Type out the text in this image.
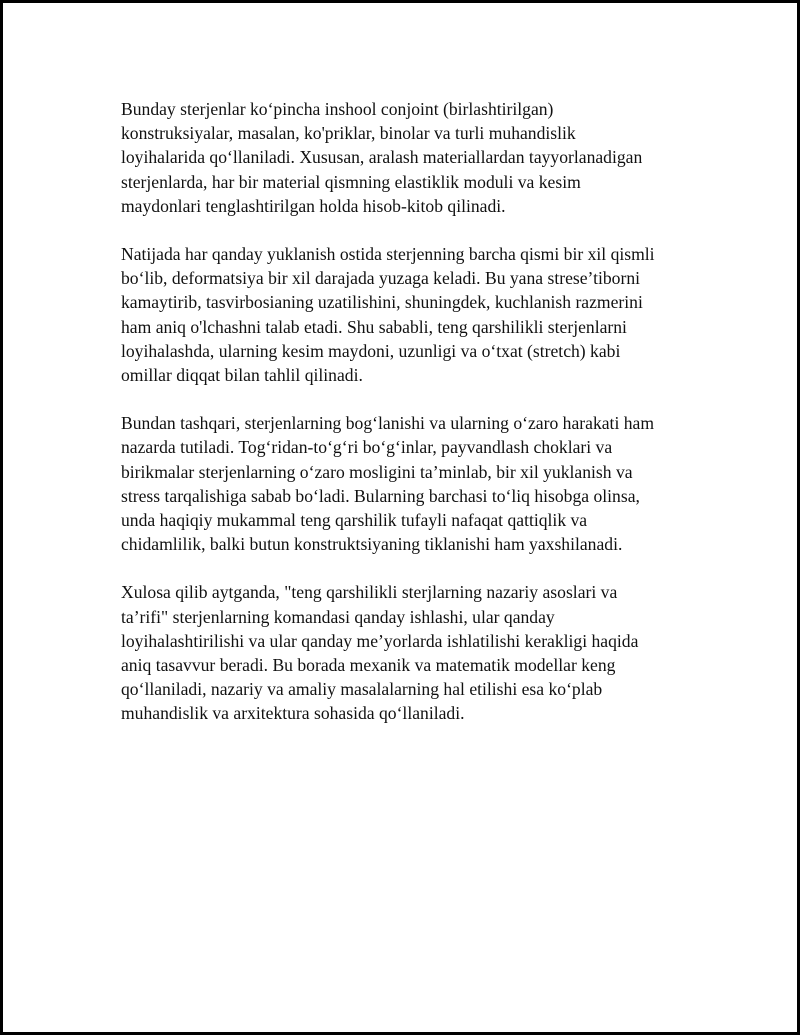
Bunday sterjenlar ko‘pincha inshool conjoint (birlashtirilgan)
konstruksiyalar, masalan, ko'priklar, binolar va turli muhandislik
loyihalarida qo‘llaniladi. Xususan, aralash materiallardan tayyorlanadigan
sterjenlarda, har bir material qismning elastiklik moduli va kesim
maydonlari tenglashtirilgan holda hisob-kitob qilinadi.

Natijada har qanday yuklanish ostida sterjenning barcha qismi bir xil qismli
bo‘lib, deformatsiya bir xil darajada yuzaga keladi. Bu yana strese’tiborni
kamaytirib, tasvirbosianing uzatilishini, shuningdek, kuchlanish razmerini
ham aniq o'lchashni talab etadi. Shu sababli, teng qarshilikli sterjenlarni
loyihalashda, ularning kesim maydoni, uzunligi va o‘txat (stretch) kabi
omillar diqqat bilan tahlil qilinadi.

Bundan tashqari, sterjenlarning bog‘lanishi va ularning o‘zaro harakati ham
nazarda tutiladi. Tog‘ridan-to‘g‘ri bo‘g‘inlar, payvandlash choklari va
birikmalar sterjenlarning o‘zaro mosligini ta’minlab, bir xil yuklanish va
stress tarqalishiga sabab bo‘ladi. Bularning barchasi to‘liq hisobga olinsa,
unda haqiqiy mukammal teng qarshilik tufayli nafaqat qattiqlik va
chidamlilik, balki butun konstruktsiyaning tiklanishi ham yaxshilanadi.

Xulosa qilib aytganda, "teng qarshilikli sterjlarning nazariy asoslari va
ta’rifi" sterjenlarning komandasi qanday ishlashi, ular qanday
loyihalashtirilishi va ular qanday me’yorlarda ishlatilishi kerakligi haqida
aniq tasavvur beradi. Bu borada mexanik va matematik modellar keng
qo‘llaniladi, nazariy va amaliy masalalarning hal etilishi esa ko‘plab
muhandislik va arxitektura sohasida qo‘llaniladi.
